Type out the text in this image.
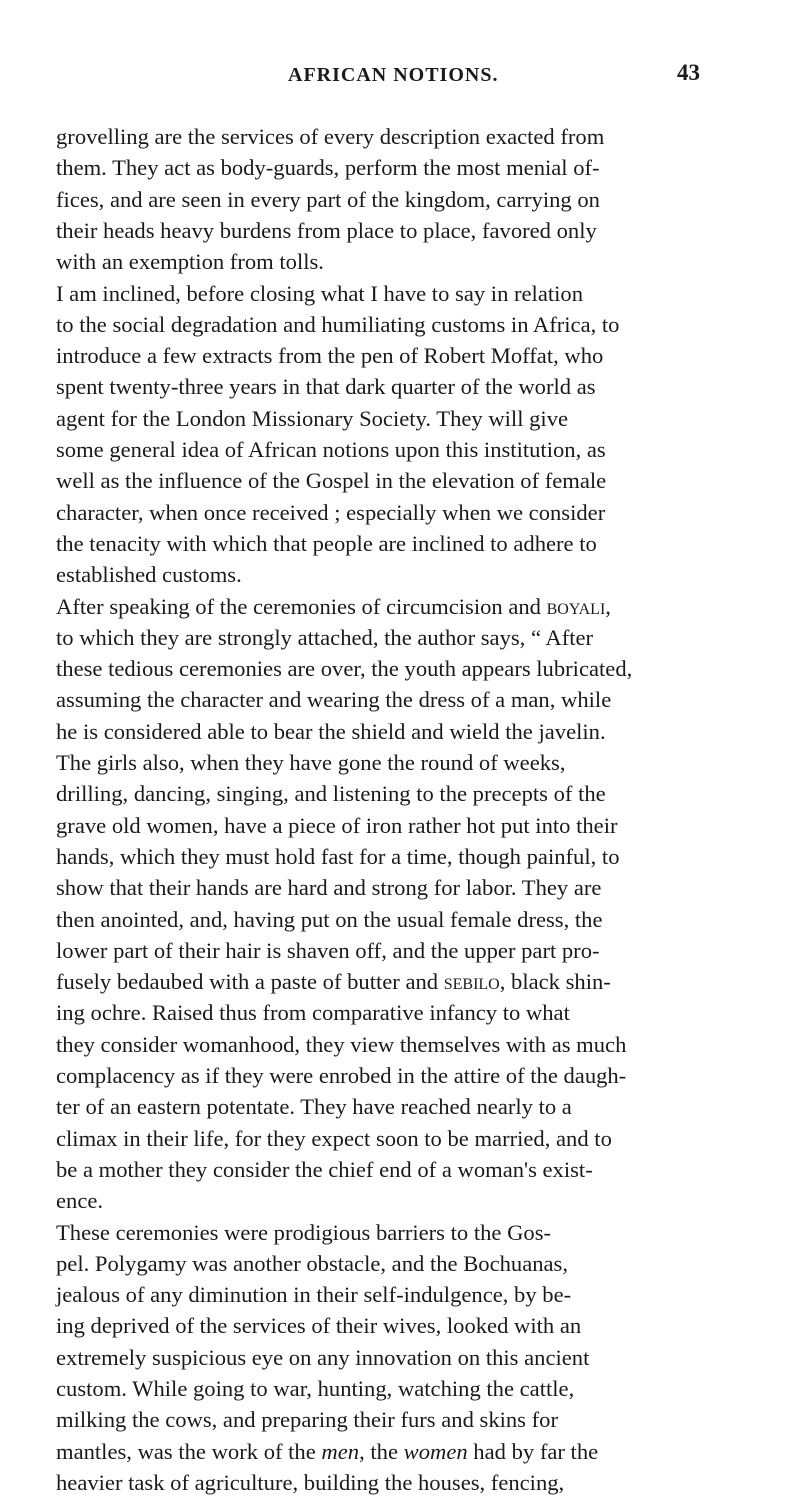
AFRICAN NOTIONS.	43
grovelling are the services of every description exacted from
them. They act as body-guards, perform the most menial of-
fices, and are seen in every part of the kingdom, carrying on
their heads heavy burdens from place to place, favored only
with an exemption from tolls.
I am inclined, before closing what I have to say in relation
to the social degradation and humiliating customs in Africa, to
introduce a few extracts from the pen of Robert Moffat, who
spent twenty-three years in that dark quarter of the world as
agent for the London Missionary Society. They will give
some general idea of African notions upon this institution, as
well as the influence of the Gospel in the elevation of female
character, when once received ; especially when we consider
the tenacity with which that people are inclined to adhere to
established customs.
After speaking of the ceremonies of circumcision and boyali,
to which they are strongly attached, the author says, “ After
these tedious ceremonies are over, the youth appears lubricated,
assuming the character and wearing the dress of a man, while
he is considered able to bear the shield and wield the javelin.
The girls also, when they have gone the round of weeks,
drilling, dancing, singing, and listening to the precepts of the
grave old women, have a piece of iron rather hot put into their
hands, which they must hold fast for a time, though painful, to
show that their hands are hard and strong for labor. They are
then anointed, and, having put on the usual female dress, the
lower part of their hair is shaven off, and the upper part pro-
fusely bedaubed with a paste of butter and sebilo, black shin-
ing ochre. Raised thus from comparative infancy to what
they consider womanhood, they view themselves with as much
complacency as if they were enrobed in the attire of the daugh-
ter of an eastern potentate. They have reached nearly to a
climax in their life, for they expect soon to be married, and to
be a mother they consider the chief end of a woman's exist-
ence.
These ceremonies were prodigious barriers to the Gos-
pel. Polygamy was another obstacle, and the Bochuanas,
jealous of any diminution in their self-indulgence, by be-
ing deprived of the services of their wives, looked with an
extremely suspicious eye on any innovation on this ancient
custom. While going to war, hunting, watching the cattle,
milking the cows, and preparing their furs and skins for
mantles, was the work of the men, the women had by far the
heavier task of agriculture, building the houses, fencing,
